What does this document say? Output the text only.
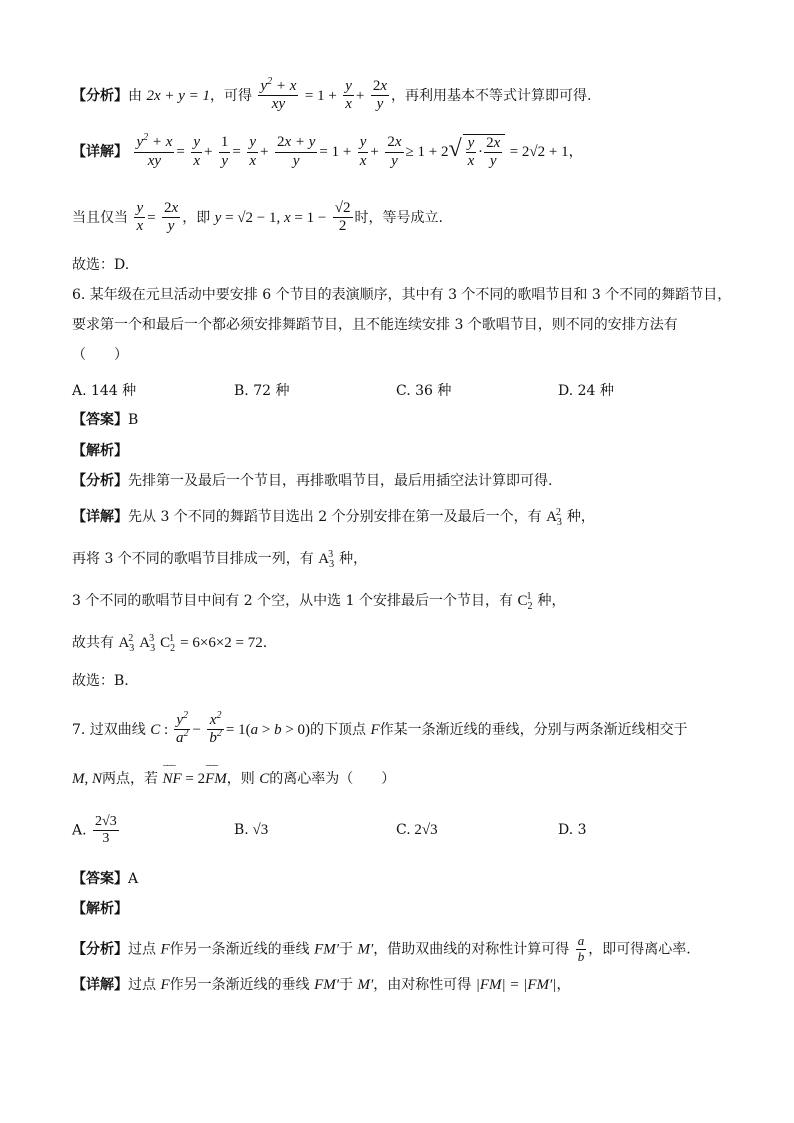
【分析】由 2x + y = 1，可得 $\frac{y^2 + x}{xy} = 1 + \frac{y}{x} + \frac{2x}{y}$ ，再利用基本不等式计算即可得.
【详解】 $\frac{y^2 + x}{xy} = \frac{y}{x} + \frac{1}{y} = \frac{y}{x} + \frac{2x + y}{y} = 1 + \frac{y}{x} + \frac{2x}{y} \ge 1 + 2√ \frac{y}{x} \cdot \frac{2x}{y} = 2√2 + 1$，
当且仅当 $\frac{y}{x} = \frac{2x}{y}$ ，即 y = √2 − 1, $x = 1 - \frac{√2}{2}$ 时，等号成立.
故选：D.
6. 某年级在元旦活动中要安排 6 个节目的表演顺序，其中有 3 个不同的歌唱节目和 3 个不同的舞蹈节目，
要求第一个和最后一个都必须安排舞蹈节目，且不能连续安排 3 个歌唱节目，则不同的安排方法有
（　　）
A. 144 种	B. 72 种	C. 36 种	D. 24 种
【答案】B
【解析】
【分析】先排第一及最后一个节目，再排歌唱节目，最后用插空法计算即可得.
【详解】先从 3 个不同的舞蹈节目选出 2 个分别安排在第一及最后一个，有 $A_3^2$ 种，
再将 3 个不同的歌唱节目排成一列，有 $A_3^3$ 种，
3 个不同的歌唱节目中间有 2 个空，从中选 1 个安排最后一个节目，有 $C_2^1$ 种，
故共有 $A_3^2$ $A_3^3$ $C_2^1 = 6\times 6\times 2 = 72$.
故选：B.
7. 过双曲线 C : $\frac{y^2}{a^2} - \frac{x^2}{b^2} = 1(a > b > 0)$的下顶点 F作某一条渐近线的垂线，分别与两条渐近线相交于
M, N两点，若 ⌣⌣⌣ NF = 2⌣⌣⌣ FM，则 C的离心率为（　　）
A. $\frac{2√3}{3}$	B. √3	C. 2√3	D. 3
【答案】A
【解析】
【分析】过点 F作另一条渐近线的垂线 FM′于 M′，借助双曲线的对称性计算可得 $\frac{a}{b}$ ，即可得离心率.
【详解】过点 F作另一条渐近线的垂线 FM′于 M′，由对称性可得 |FM| = |FM′|，
